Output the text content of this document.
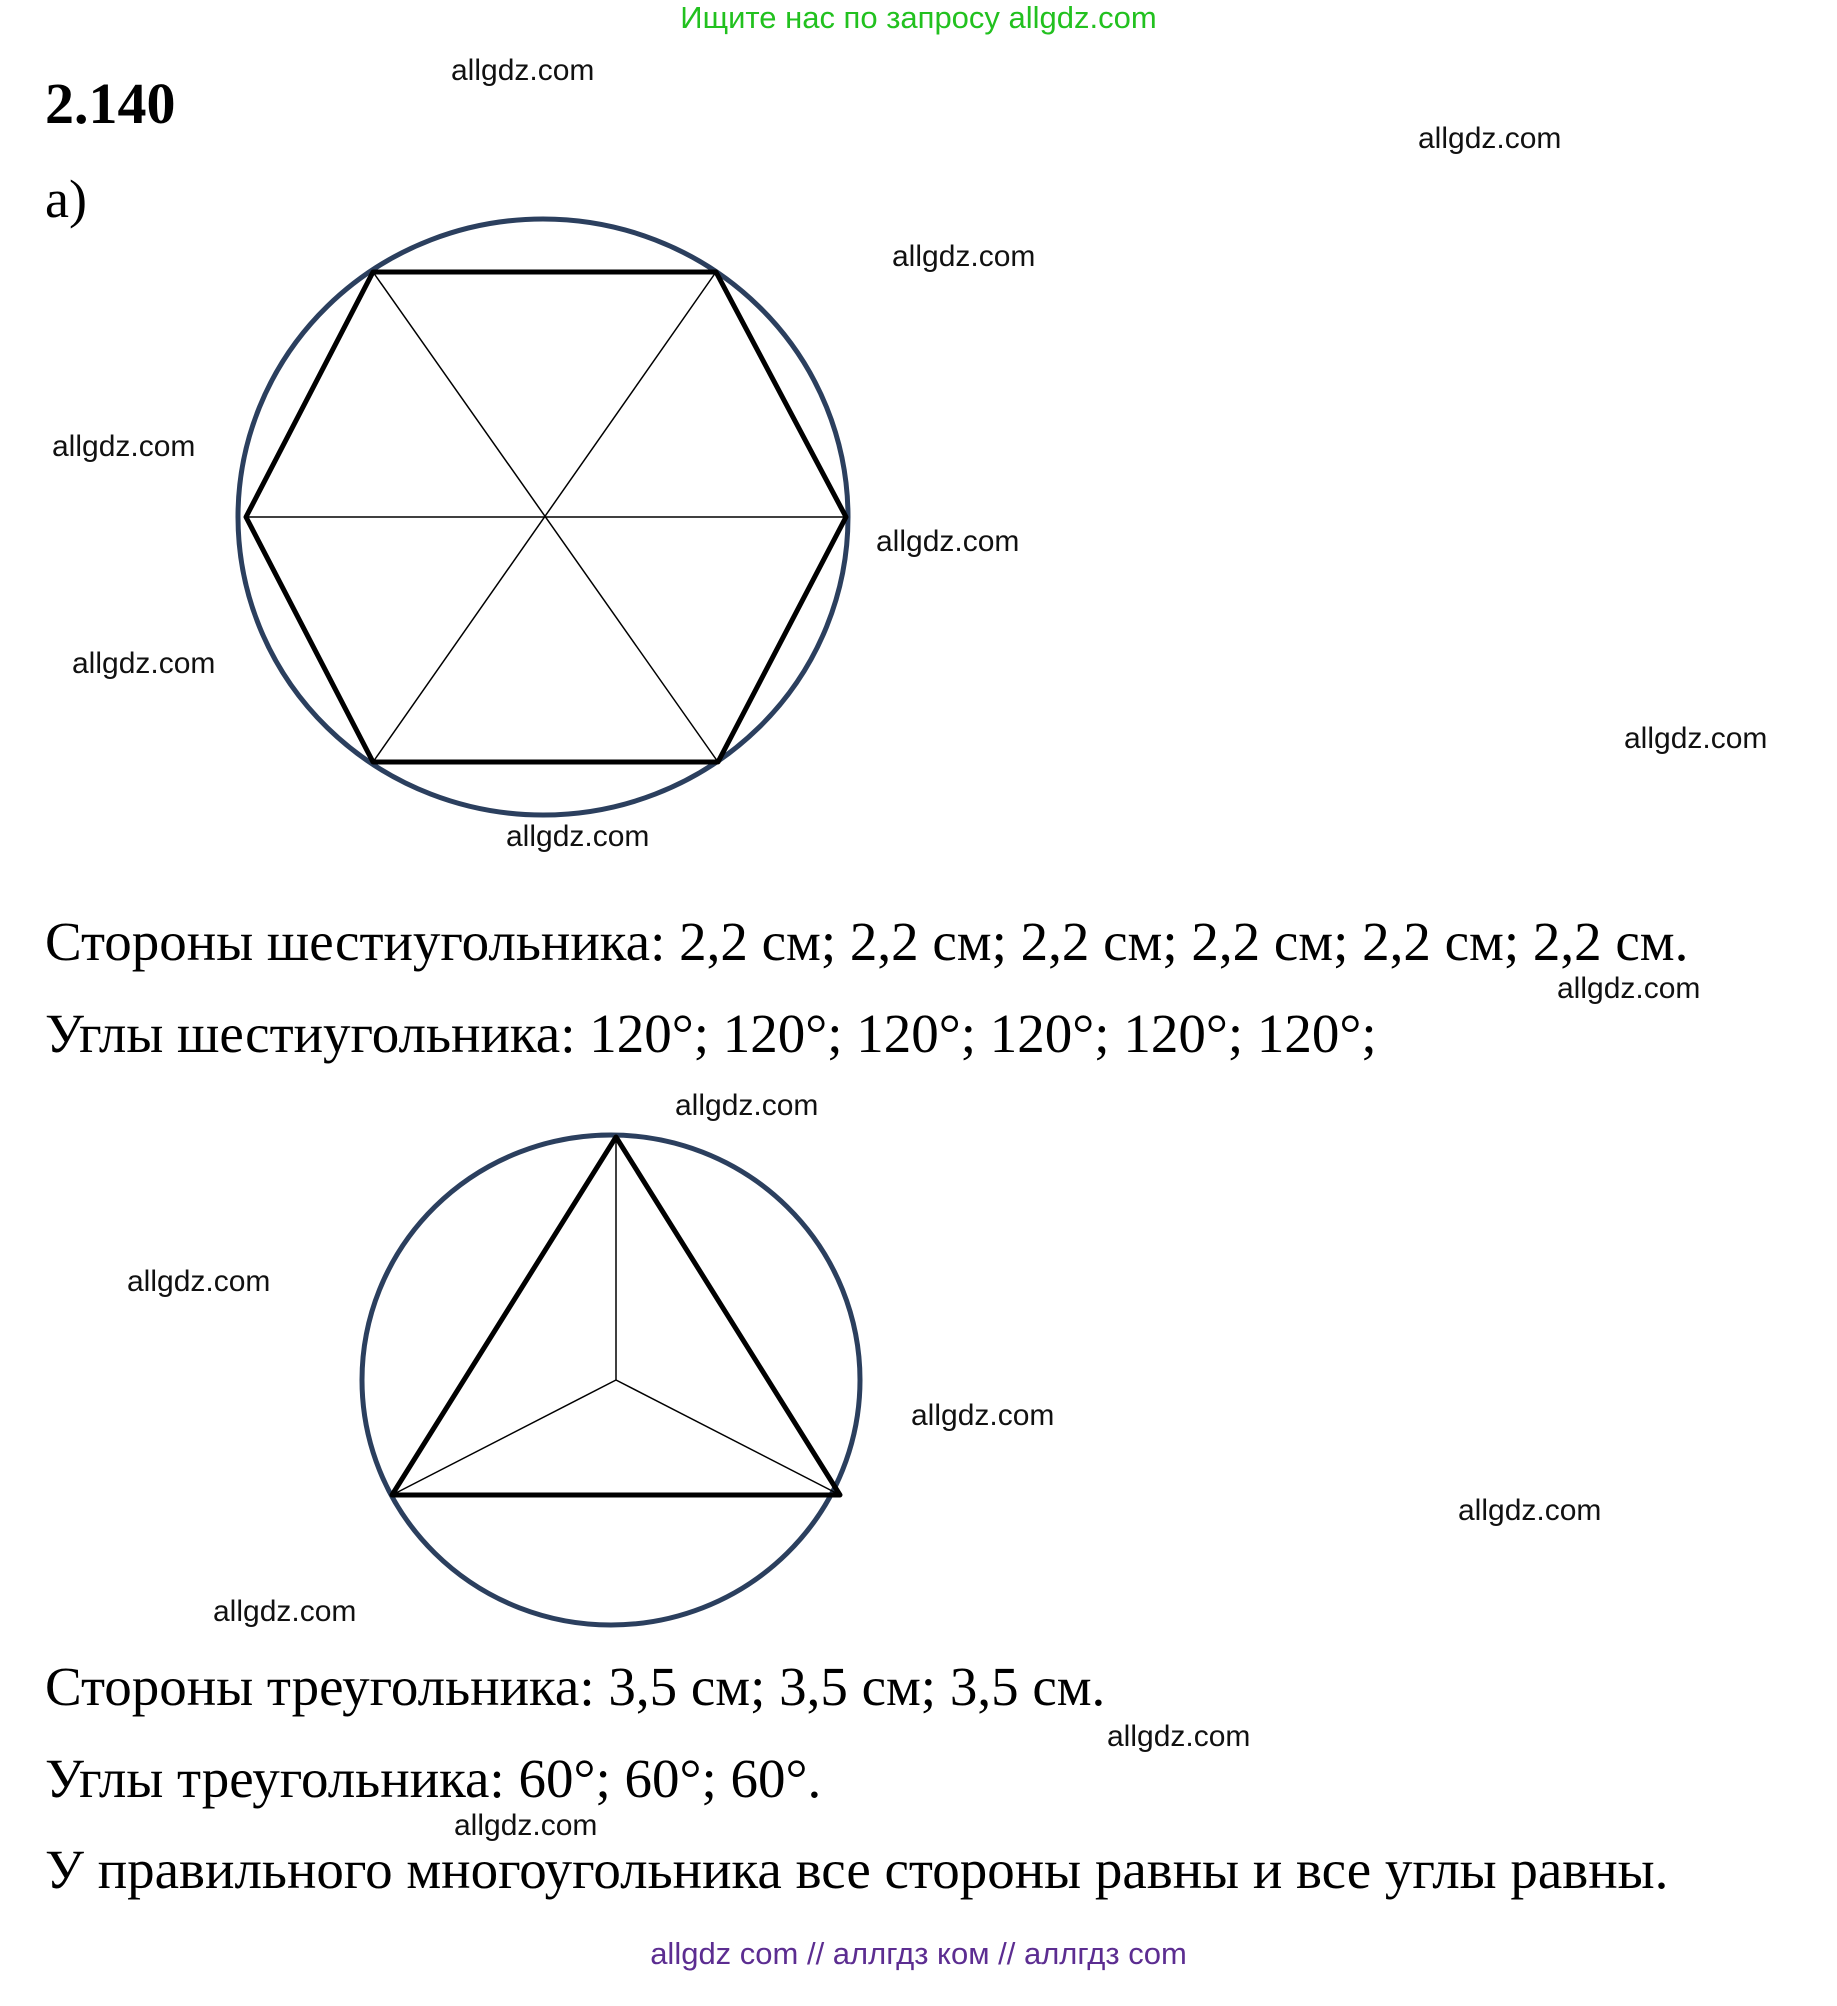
Ищите нас по запросу allgdz.com
2.140
а)
Стороны шестиугольника: 2,2 см; 2,2 см; 2,2 см; 2,2 см; 2,2 см; 2,2 см.
Углы шестиугольника: 120°; 120°; 120°; 120°; 120°; 120°;
Стороны треугольника: 3,5 см; 3,5 см; 3,5 см.
Углы треугольника: 60°; 60°; 60°.
У правильного многоугольника все стороны равны и все углы равны.
allgdz.com
allgdz.com
allgdz.com
allgdz.com
allgdz.com
allgdz.com
allgdz.com
allgdz.com
allgdz.com
allgdz.com
allgdz.com
allgdz.com
allgdz.com
allgdz.com
allgdz.com
allgdz.com
allgdz com // аллгдз ком // аллгдз com
